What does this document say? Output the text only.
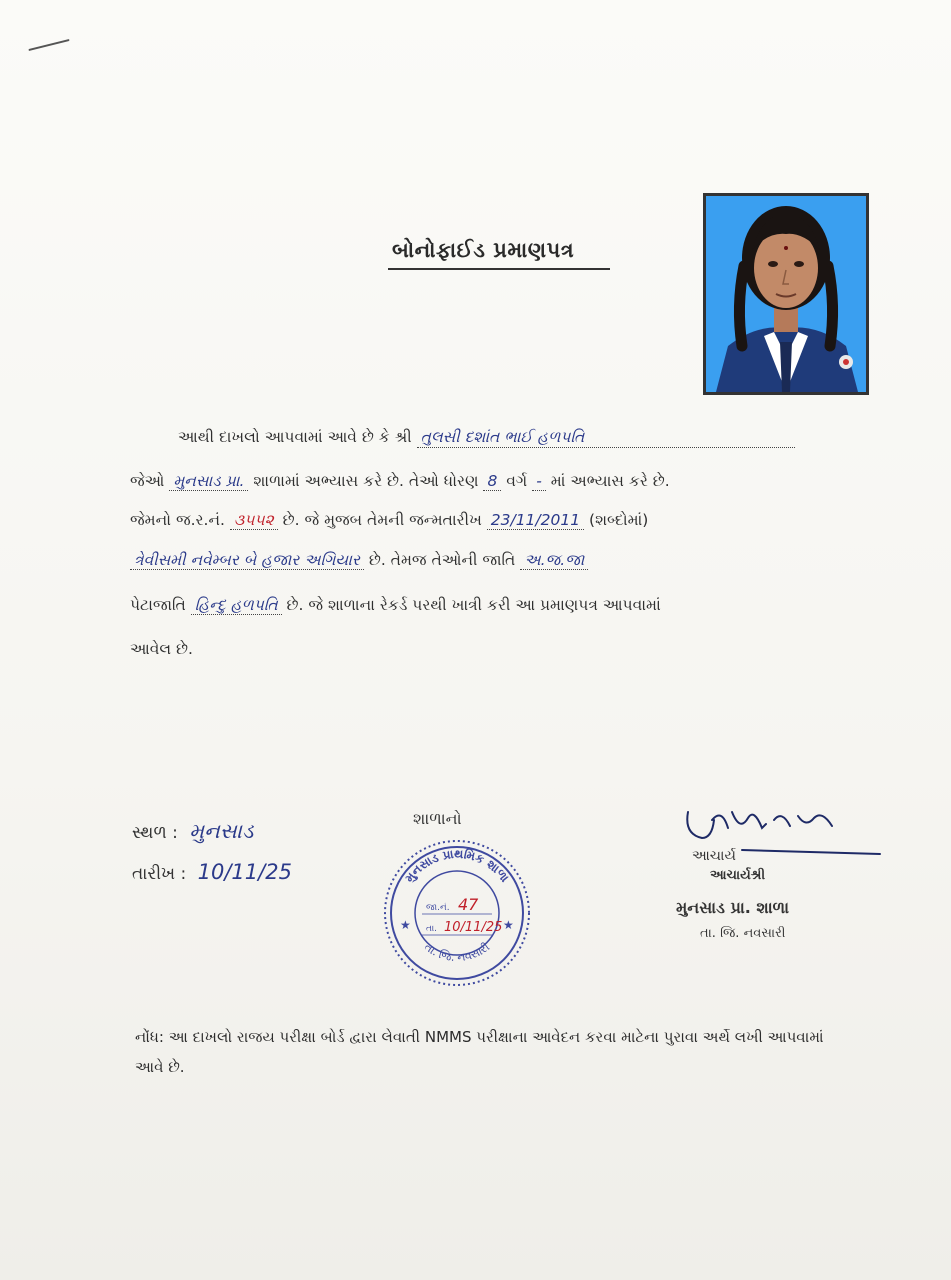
બોનોફાઈડ પ્રમાણપત્ર
આથી દાખલો આપવામાં આવે છે કે શ્રી તુલસી દશાંત ભાઈ હળપતિ
જેઓ મુનસાડ પ્રા. શાળામાં અભ્યાસ કરે છે. તેઓ ધોરણ 8 વર્ગ - માં અભ્યાસ કરે છે.
જેમનો જ.ર.નં. ૩૫૫૨ છે. જે મુજબ તેમની જન્મતારીખ 23/11/2011 (શબ્દોમાં)
ત્રેવીસમી નવેમ્બર બે હજાર અગિયાર છે. તેમજ તેઓની જાતિ અ.જ.જા
પેટાજાતિ હિન્દુ હળપતિ છે. જે શાળાના રેકર્ડ પરથી ખાત્રી કરી આ પ્રમાણપત્ર આપવામાં
આવેલ છે.
સ્થળ : મુનસાડ
તારીખ : 10/11/25
શાળાનો
મુનસાડ પ્રાથમિક શાળા
તા. જિ. નવસારી
★	★
જા.નં. 47
તા. 10/11/25
આચાર્ય
આચાર્યશ્રી
મુનસાડ પ્રા. શાળા
તા. જિ. નવસારી
નોંધ: આ દાખલો રાજય પરીક્ષા બોર્ડ દ્વારા લેવાતી NMMS પરીક્ષાના આવેદન કરવા માટેના પુરાવા અર્થે લખી આપવામાં આવે છે.
